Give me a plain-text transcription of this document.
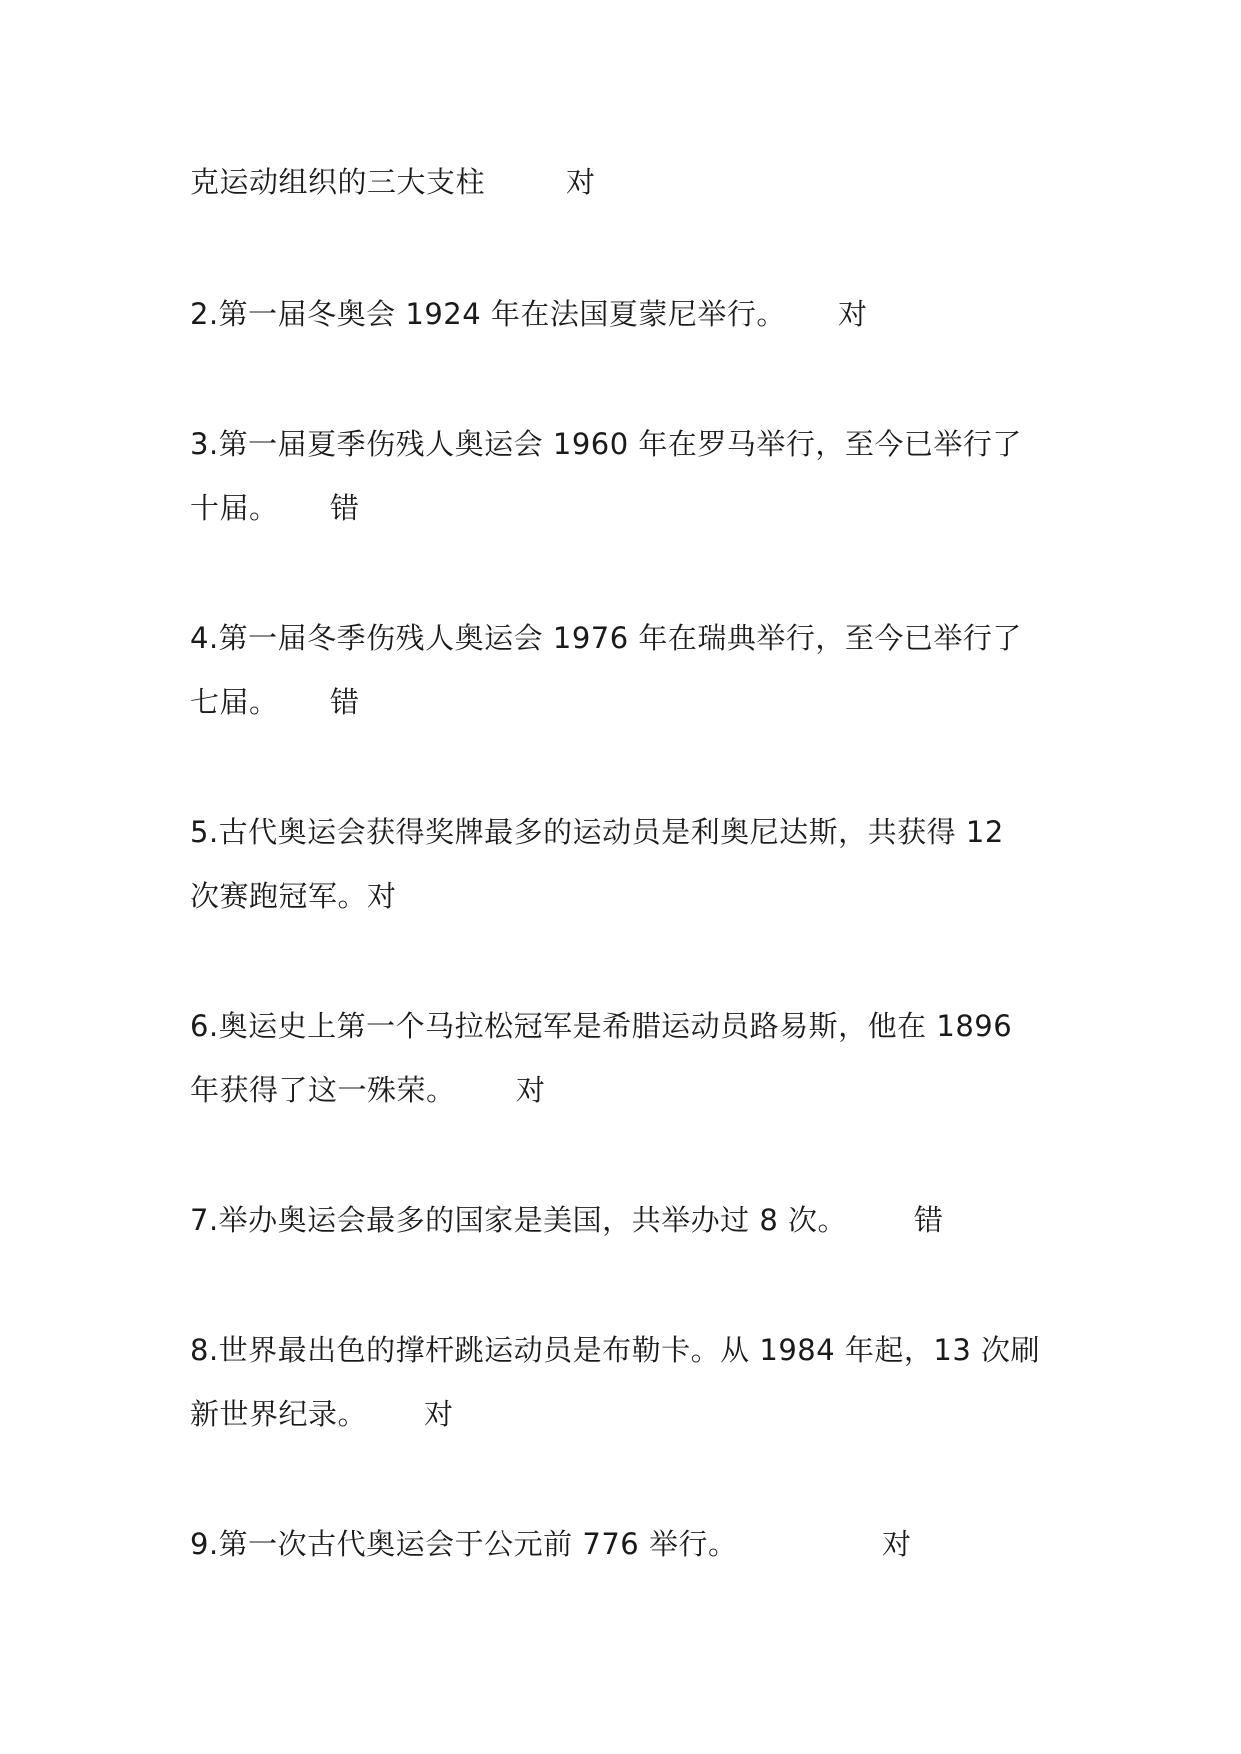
克运动组织的三大支柱	对
2.第一届冬奥会 1924 年在法国夏蒙尼举行。 对
3.第一届夏季伤残人奥运会 1960 年在罗马举行，至今已举行了
十届。 错
4.第一届冬季伤残人奥运会 1976 年在瑞典举行，至今已举行了
七届。 错
5.古代奥运会获得奖牌最多的运动员是利奥尼达斯，共获得 12
次赛跑冠军。对
6.奥运史上第一个马拉松冠军是希腊运动员路易斯，他在 1896
年获得了这一殊荣。 对
7.举办奥运会最多的国家是美国，共举办过 8 次。 错
8.世界最出色的撑杆跳运动员是布勒卡。从 1984 年起，13 次刷
新世界纪录。 对
9.第一次古代奥运会于公元前 776 举行。	对
